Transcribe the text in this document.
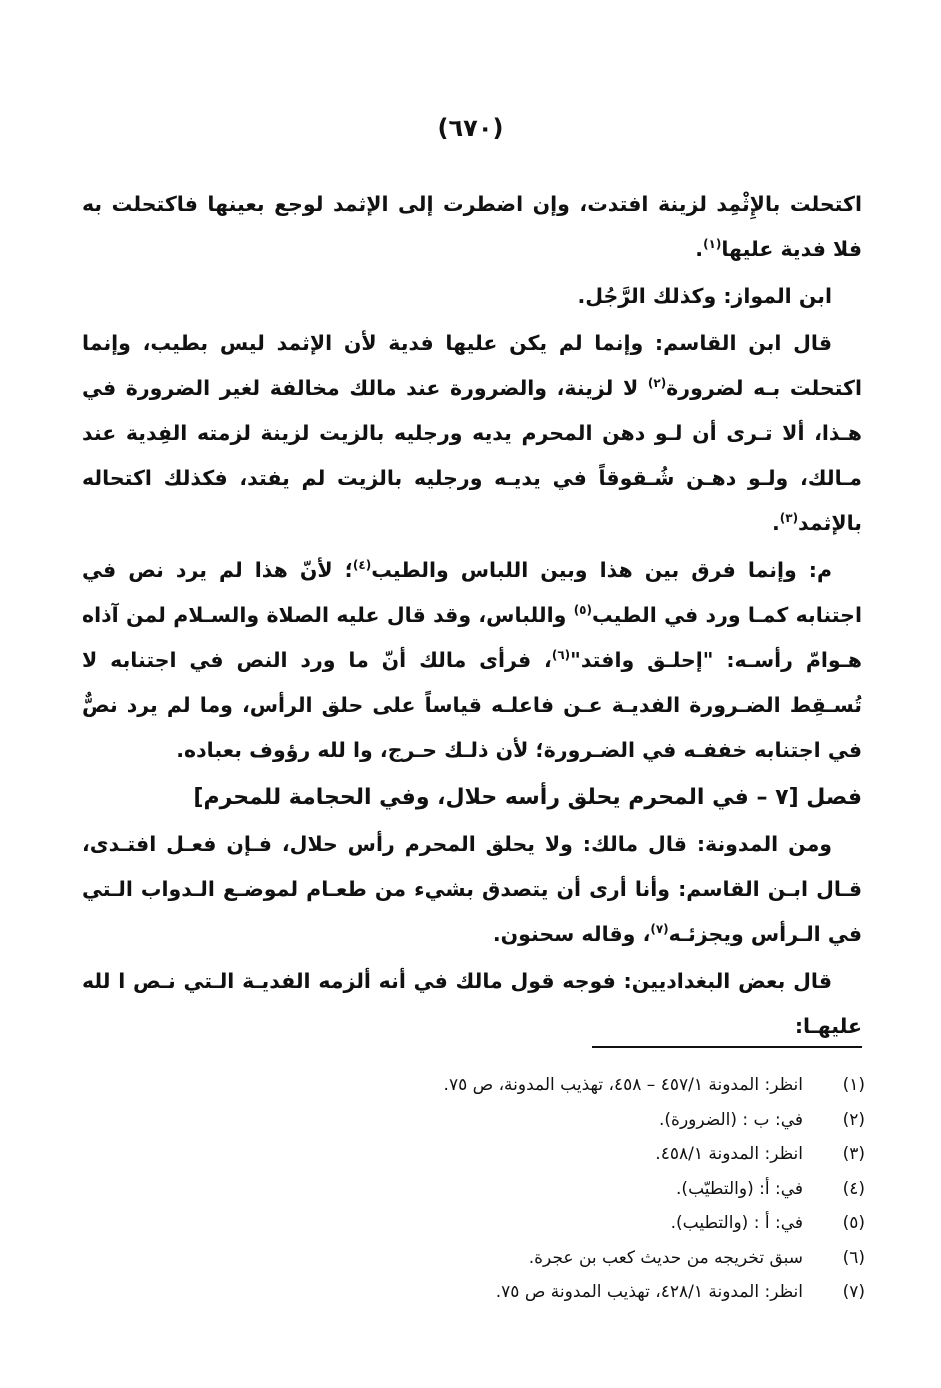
(٦٧٠)

اكتحلت بالإِثْمِد لزينة افتدت، وإن اضطرت إلى الإثمد لوجع بعينها فاكتحلت به فلا فدية عليها$^{(١)}$.

ابن المواز: وكذلك الرَّجُل.

قال ابن القاسم: وإنما لم يكن عليها فدية لأن الإثمد ليس بطيب، وإنما اكتحلت بـه لضرورة$^{(٢)}$ لا لزينة، والضرورة عند مالك مخالفة لغير الضرورة في هـذا، ألا تـرى أن لـو دهن المحرم يديه ورجليه بالزيت لزينة لزمته الفِدية عند مـالك، ولـو دهـن شُـقوقاً في يديـه ورجليه بالزيت لم يفتد، فكذلك اكتحاله بالإثمد$^{(٣)}$.

م: وإنما فرق بين هذا وبين اللباس والطيب$^{(٤)}$؛ لأنّ هذا لم يرد نص في اجتنابه كمـا ورد في الطيب$^{(٥)}$ واللباس، وقد قال عليه الصلاة والسـلام لمن آذاه هـوامّ رأسـه: "إحلـق وافتد"$^{(٦)}$، فرأى مالك أنّ ما ورد النص في اجتنابه لا تُسـقِط الضـرورة الفديـة عـن فاعلـه قياساً على حلق الرأس، وما لم يرد نصٌّ في اجتنابه خففـه في الضـرورة؛ لأن ذلـك حـرج، وا لله رؤوف بعباده.

فصل [٧ – في المحرم يحلق رأسه حلال، وفي الحجامة للمحرم]

ومن المدونة: قال مالك: ولا يحلق المحرم رأس حلال، فـإن فعـل افتـدى، قـال ابـن القاسم: وأنا أرى أن يتصدق بشيء من طعـام لموضـع الـدواب الـتي في الـرأس ويجزئـه$^{(٧)}$، وقاله سحنون.

قال بعض البغداديين: فوجه قول مالك في أنه ألزمه الفديـة الـتي نـص ا لله عليهـا:

(١)
انظر: المدونة ٤٥٧/١ – ٤٥٨، تهذيب المدونة، ص ٧٥.
(٢)
في: ب : (الضرورة).
(٣)
انظر: المدونة ٤٥٨/١.
(٤)
في: أ: (والتطيّب).
(٥)
في: أ : (والتطيب).
(٦)
سبق تخريجه من حديث كعب بن عجرة.
(٧)
انظر: المدونة ٤٢٨/١، تهذيب المدونة ص ٧٥.
